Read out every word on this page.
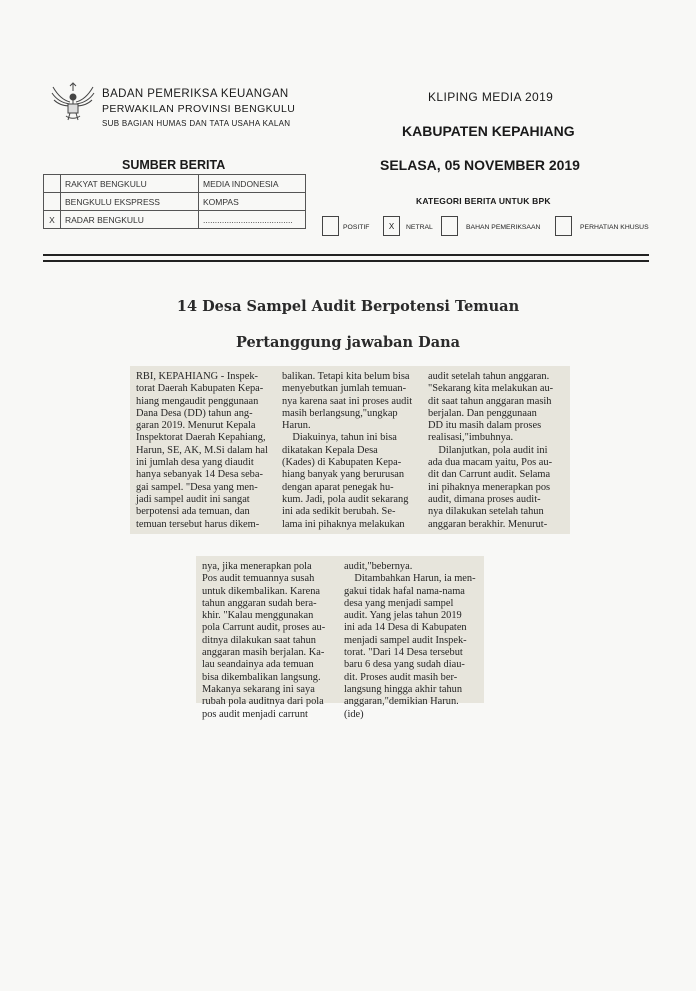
BADAN PEMERIKSA KEUANGAN
PERWAKILAN PROVINSI BENGKULU
SUB BAGIAN HUMAS DAN TATA USAHA KALAN
KLIPING MEDIA 2019
KABUPATEN KEPAHIANG
SELASA, 05 NOVEMBER 2019
SUMBER BERITA
	RAKYAT BENGKULU	MEDIA INDONESIA
	BENGKULU EKSPRESS	KOMPAS
X	RADAR BENGKULU	......................................
KATEGORI BERITA UNTUK BPK
POSITIF	X	NETRAL	BAHAN PEMERIKSAAN	PERHATIAN KHUSUS
14 Desa Sampel Audit Berpotensi Temuan
Pertanggung jawaban Dana
RBI, KEPAHIANG - Inspek-
torat Daerah Kabupaten Kepa-
hiang mengaudit penggunaan
Dana Desa (DD) tahun ang-
garan 2019. Menurut Kepala
Inspektorat Daerah Kepahiang,
Harun, SE, AK, M.Si dalam hal
ini jumlah desa yang diaudit
hanya sebanyak 14 Desa seba-
gai sampel. "Desa yang men-
jadi sampel audit ini sangat
berpotensi ada temuan, dan
temuan tersebut harus dikem-
balikan. Tetapi kita belum bisa
menyebutkan jumlah temuan-
nya karena saat ini proses audit
masih berlangsung,"ungkap
Harun.
Diakuinya, tahun ini bisa
dikatakan Kepala Desa
(Kades) di Kabupaten Kepa-
hiang banyak yang berurusan
dengan aparat penegak hu-
kum. Jadi, pola audit sekarang
ini ada sedikit berubah. Se-
lama ini pihaknya melakukan
audit setelah tahun anggaran.
"Sekarang kita melakukan au-
dit saat tahun anggaran masih
berjalan. Dan penggunaan
DD itu masih dalam proses
realisasi,"imbuhnya.
Dilanjutkan, pola audit ini
ada dua macam yaitu, Pos au-
dit dan Carrunt audit. Selama
ini pihaknya menerapkan pos
audit, dimana proses audit-
nya dilakukan setelah tahun
anggaran berakhir. Menurut-
nya, jika menerapkan pola
Pos audit temuannya susah
untuk dikembalikan. Karena
tahun anggaran sudah bera-
khir. "Kalau menggunakan
pola Carrunt audit, proses au-
ditnya dilakukan saat tahun
anggaran masih berjalan. Ka-
lau seandainya ada temuan
bisa dikembalikan langsung.
Makanya sekarang ini saya
rubah pola auditnya dari pola
pos audit menjadi carrunt
audit,"bebernya.
Ditambahkan Harun, ia men-
gakui tidak hafal nama-nama
desa yang menjadi sampel
audit. Yang jelas tahun 2019
ini ada 14 Desa di Kabupaten
menjadi sampel audit Inspek-
torat. "Dari 14 Desa tersebut
baru 6 desa yang sudah diau-
dit. Proses audit masih ber-
langsung hingga akhir tahun
anggaran,"demikian Harun.
(ide)
